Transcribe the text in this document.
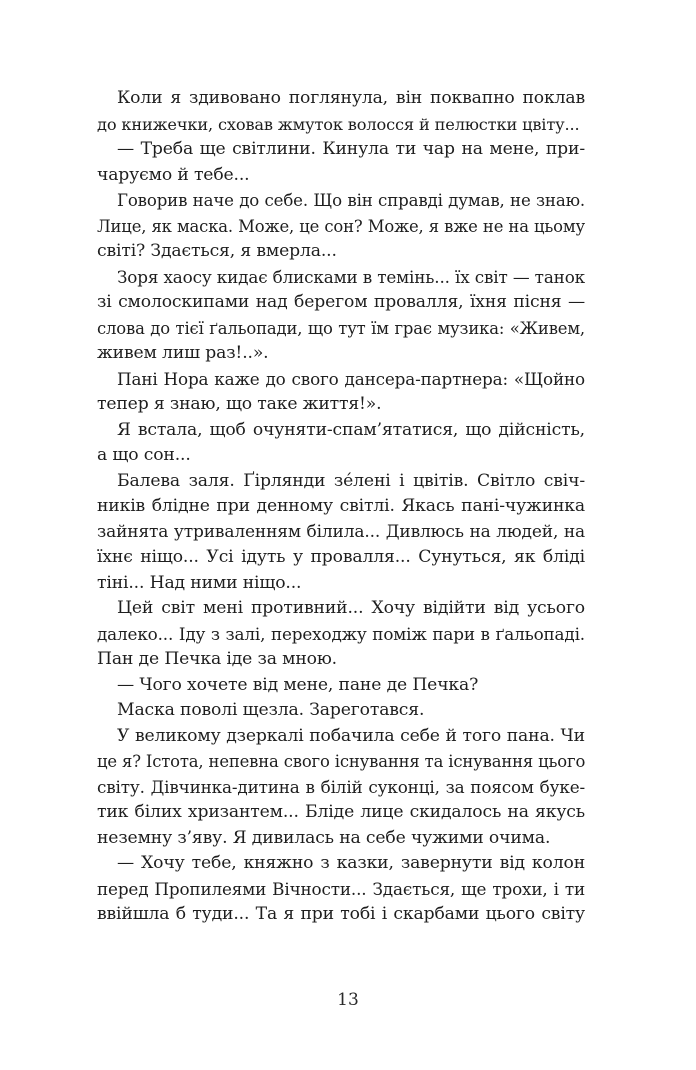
Коли я здивовано поглянула, він поквапно поклав
до книжечки, сховав жмуток волосся й пелюстки цвіту...
— Треба ще світлини. Кинула ти чар на мене, при-
чаруємо й тебе...
Говорив наче до себе. Що він справді думав, не знаю.
Лице, як маска. Може, це сон? Може, я вже не на цьому
світі? Здається, я вмерла...
Зоря хаосу кидає блисками в темінь... їх світ — танок
зі смолоскипами над берегом провалля, їхня пісня —
слова до тієї ґальопади, що тут їм грає музика: «Живем,
живем лиш раз!..».
Пані Нора каже до свого дансера-партнера: «Щойно
тепер я знаю, що таке життя!».
Я встала, щоб очуняти-спам’ятатися, що дійсність,
а що сон...
Балева заля. Ґірлянди зе́лені і цвітів. Світло свіч-
ників блідне при денному світлі. Якась пані-чужинка
зайнята утриваленням білила... Дивлюсь на людей, на
їхнє ніщо... Усі ідуть у провалля... Сунуться, як бліді
тіні... Над ними ніщо...
Цей світ мені противний... Хочу відійти від усього
далеко... Іду з залі, переходжу поміж пари в ґальопаді.
Пан де Печка іде за мною.
— Чого хочете від мене, пане де Печка?
Маска поволі щезла. Зареготався.
У великому дзеркалі побачила себе й того пана. Чи
це я? Істота, непевна свого існування та існування цього
світу. Дівчинка-дитина в білій суконці, за поясом буке-
тик білих хризантем... Бліде лице скидалось на якусь
неземну з’яву. Я дивилась на себе чужими очима.
— Хочу тебе, княжно з казки, завернути від колон
перед Пропилеями Вічности... Здається, ще трохи, і ти
ввійшла б туди... Та я при тобі і скарбами цього світу
13
